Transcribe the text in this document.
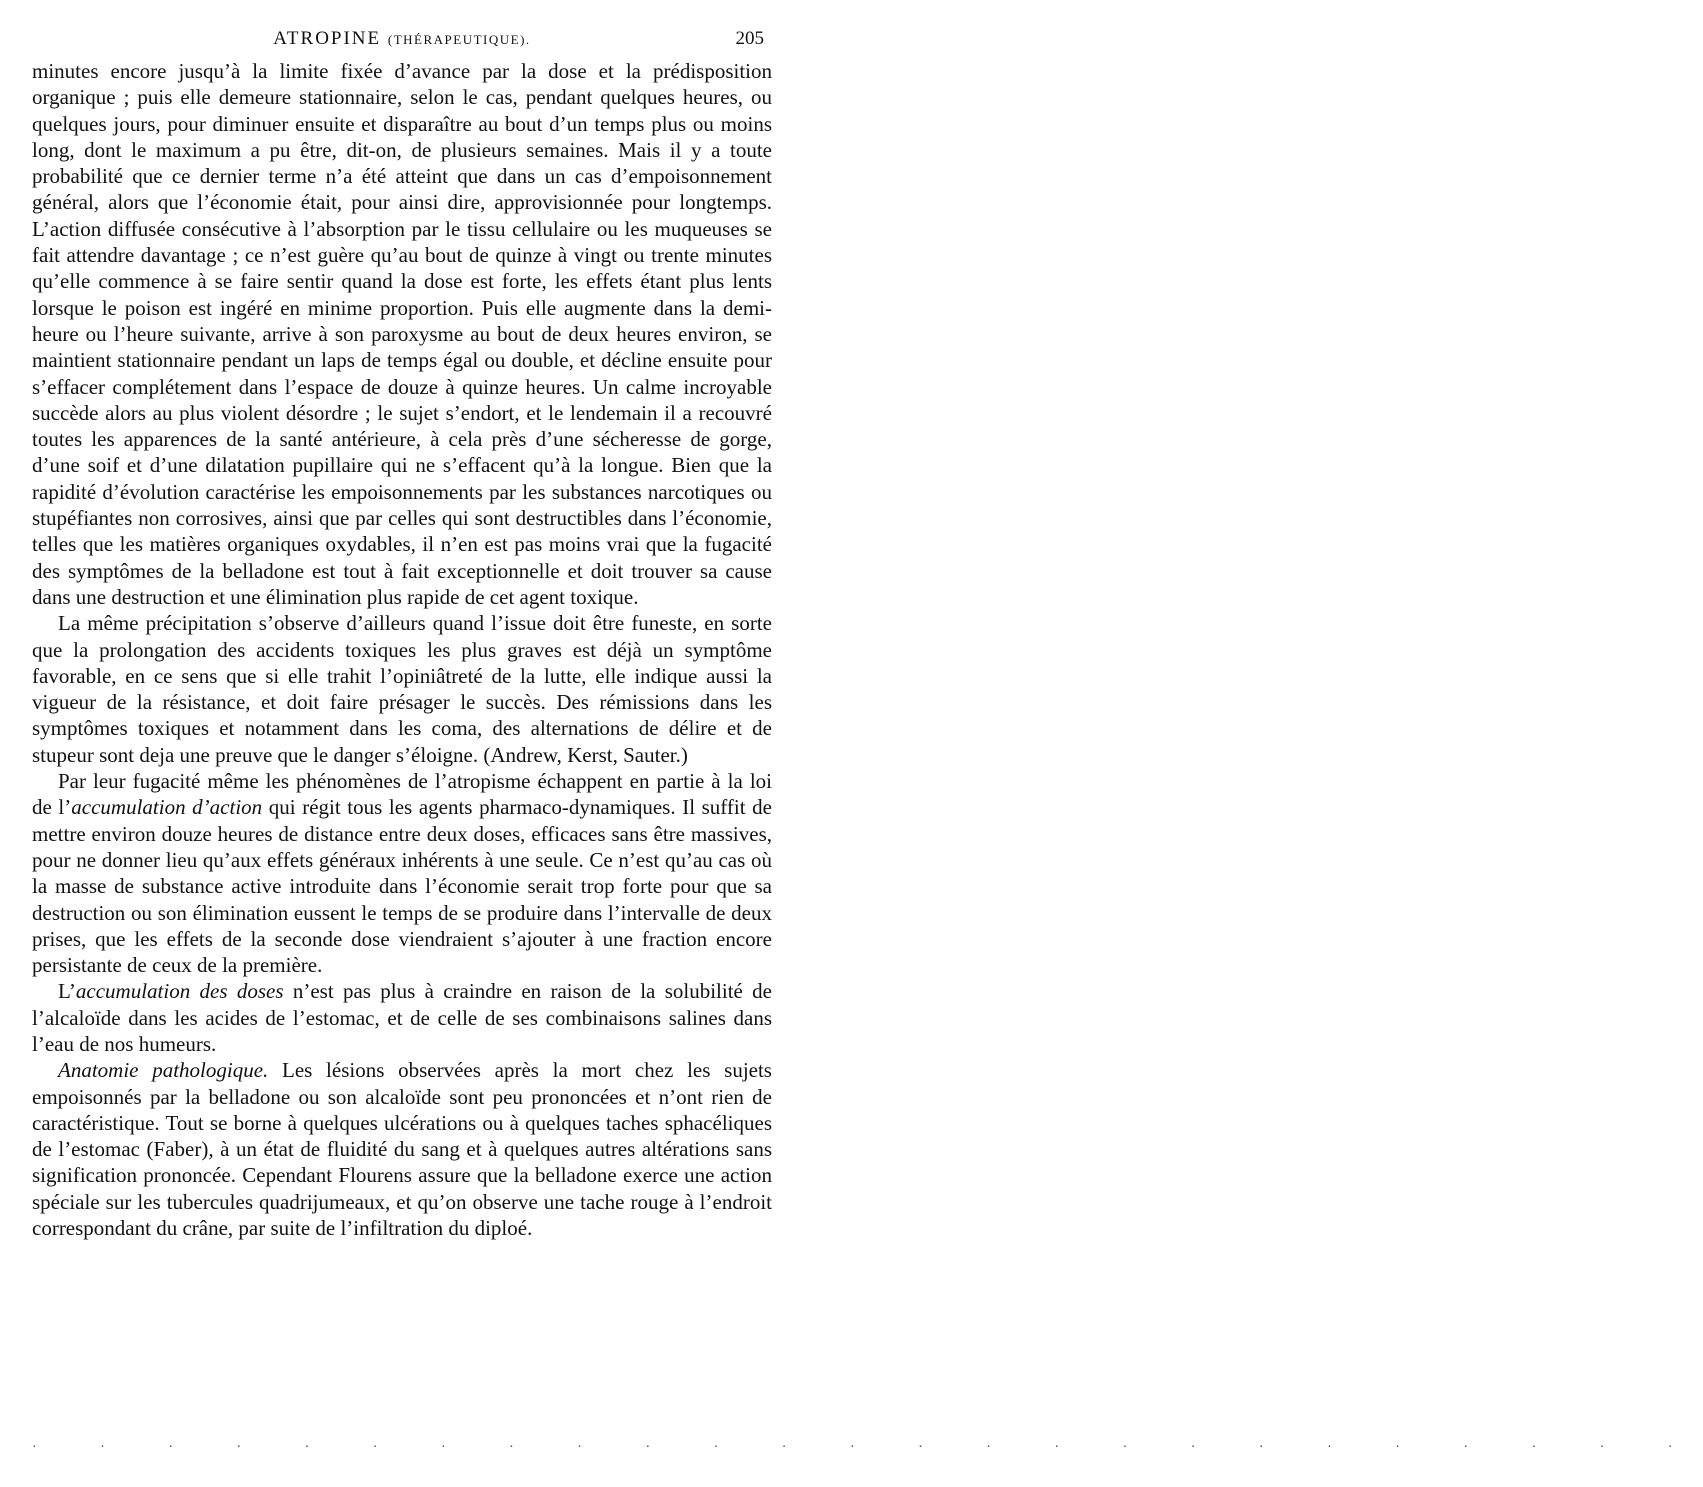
ATROPINE (THÉRAPEUTIQUE).	205

minutes encore jusqu’à la limite fixée d’avance par la dose et la prédisposition organique ; puis elle demeure stationnaire, selon le cas, pendant quelques heures, ou quelques jours, pour diminuer ensuite et disparaître au bout d’un temps plus ou moins long, dont le maximum a pu être, dit-on, de plusieurs semaines. Mais il y a toute probabilité que ce dernier terme n’a été atteint que dans un cas d’empoisonnement général, alors que l’économie était, pour ainsi dire, approvisionnée pour longtemps. L’action diffusée consécutive à l’absorption par le tissu cellulaire ou les muqueuses se fait attendre davantage ; ce n’est guère qu’au bout de quinze à vingt ou trente minutes qu’elle commence à se faire sentir quand la dose est forte, les effets étant plus lents lorsque le poison est ingéré en minime proportion. Puis elle augmente dans la demi-heure ou l’heure suivante, arrive à son paroxysme au bout de deux heures environ, se maintient stationnaire pendant un laps de temps égal ou double, et décline ensuite pour s’effacer complétement dans l’espace de douze à quinze heures. Un calme incroyable succède alors au plus violent désordre ; le sujet s’endort, et le lendemain il a recouvré toutes les apparences de la santé antérieure, à cela près d’une sécheresse de gorge, d’une soif et d’une dilatation pupillaire qui ne s’effacent qu’à la longue. Bien que la rapidité d’évolution caractérise les empoisonnements par les substances narcotiques ou stupéfiantes non corrosives, ainsi que par celles qui sont destructibles dans l’économie, telles que les matières organiques oxydables, il n’en est pas moins vrai que la fugacité des symptômes de la belladone est tout à fait exceptionnelle et doit trouver sa cause dans une destruction et une élimination plus rapide de cet agent toxique.

La même précipitation s’observe d’ailleurs quand l’issue doit être funeste, en sorte que la prolongation des accidents toxiques les plus graves est déjà un symptôme favorable, en ce sens que si elle trahit l’opiniâtreté de la lutte, elle indique aussi la vigueur de la résistance, et doit faire présager le succès. Des rémissions dans les symptômes toxiques et notamment dans les coma, des alternations de délire et de stupeur sont deja une preuve que le danger s’éloigne. (Andrew, Kerst, Sauter.)

Par leur fugacité même les phénomènes de l’atropisme échappent en partie à la loi de l’accumulation d’action qui régit tous les agents pharmaco-dynamiques. Il suffit de mettre environ douze heures de distance entre deux doses, efficaces sans être massives, pour ne donner lieu qu’aux effets généraux inhérents à une seule. Ce n’est qu’au cas où la masse de substance active introduite dans l’économie serait trop forte pour que sa destruction ou son élimination eussent le temps de se produire dans l’intervalle de deux prises, que les effets de la seconde dose viendraient s’ajouter à une fraction encore persistante de ceux de la première.

L’accumulation des doses n’est pas plus à craindre en raison de la solubilité de l’alcaloïde dans les acides de l’estomac, et de celle de ses combinaisons salines dans l’eau de nos humeurs.

Anatomie pathologique. Les lésions observées après la mort chez les sujets empoisonnés par la belladone ou son alcaloïde sont peu prononcées et n’ont rien de caractéristique. Tout se borne à quelques ulcérations ou à quelques taches sphacéliques de l’estomac (Faber), à un état de fluidité du sang et à quelques autres altérations sans signification prononcée. Cependant Flourens assure que la belladone exerce une action spéciale sur les tubercules quadrijumeaux, et qu’on observe une tache rouge à l’endroit correspondant du crâne, par suite de l’infiltration du diploé.

· · · · · · · · · · · · · · · · · · · · · · · · ·
